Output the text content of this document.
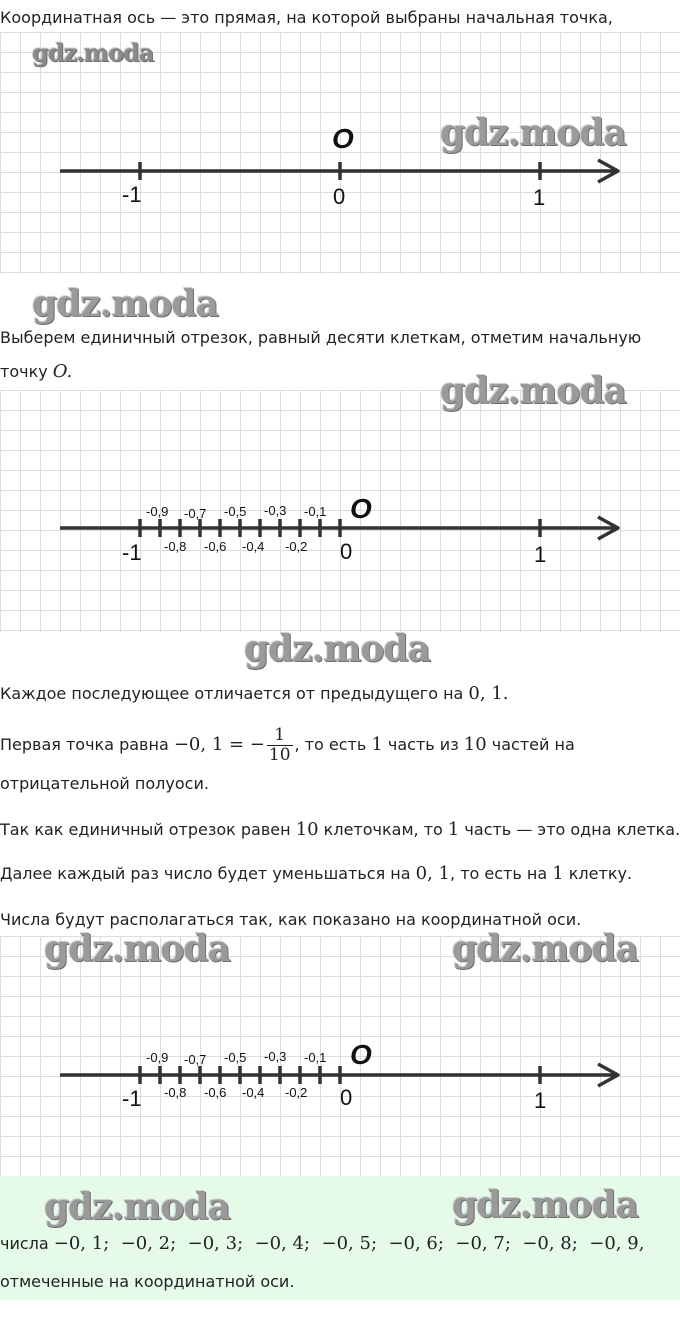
Координатная ось — это прямая, на которой выбраны начальная точка,
gdz.moda
gdz.moda
O
-1	0	1
gdz.moda
Выберем единичный отрезок, равный десяти клеткам, отметим начальную
точку O.	gdz.moda
-0,9 -0,7 -0,5 -0,3 -0,1
-0,8 -0,6 -0,4 -0,2
O
-1	0	1
gdz.moda
Каждое последующее отличается от предыдущего на 0, 1.
Первая точка равна −0, 1 = − $\frac{1}{10}$ , то есть 1 часть из 10 частей на
отрицательной полуоси.
Так как единичный отрезок равен 10 клеточкам, то 1 часть — это одна клетка.
Далее каждый раз число будет уменьшаться на 0, 1, то есть на 1 клетку.
Числа будут располагаться так, как показано на координатной оси.
gdz.moda	gdz.moda
-0,9 -0,7 -0,5 -0,3 -0,1
-0,8 -0,6 -0,4 -0,2
O
-1	0	1
gdz.moda	gdz.moda
числа −0, 1;  −0, 2;  −0, 3;  −0, 4;  −0, 5;  −0, 6;  −0, 7;  −0, 8;  −0, 9,
отмеченные на координатной оси.
